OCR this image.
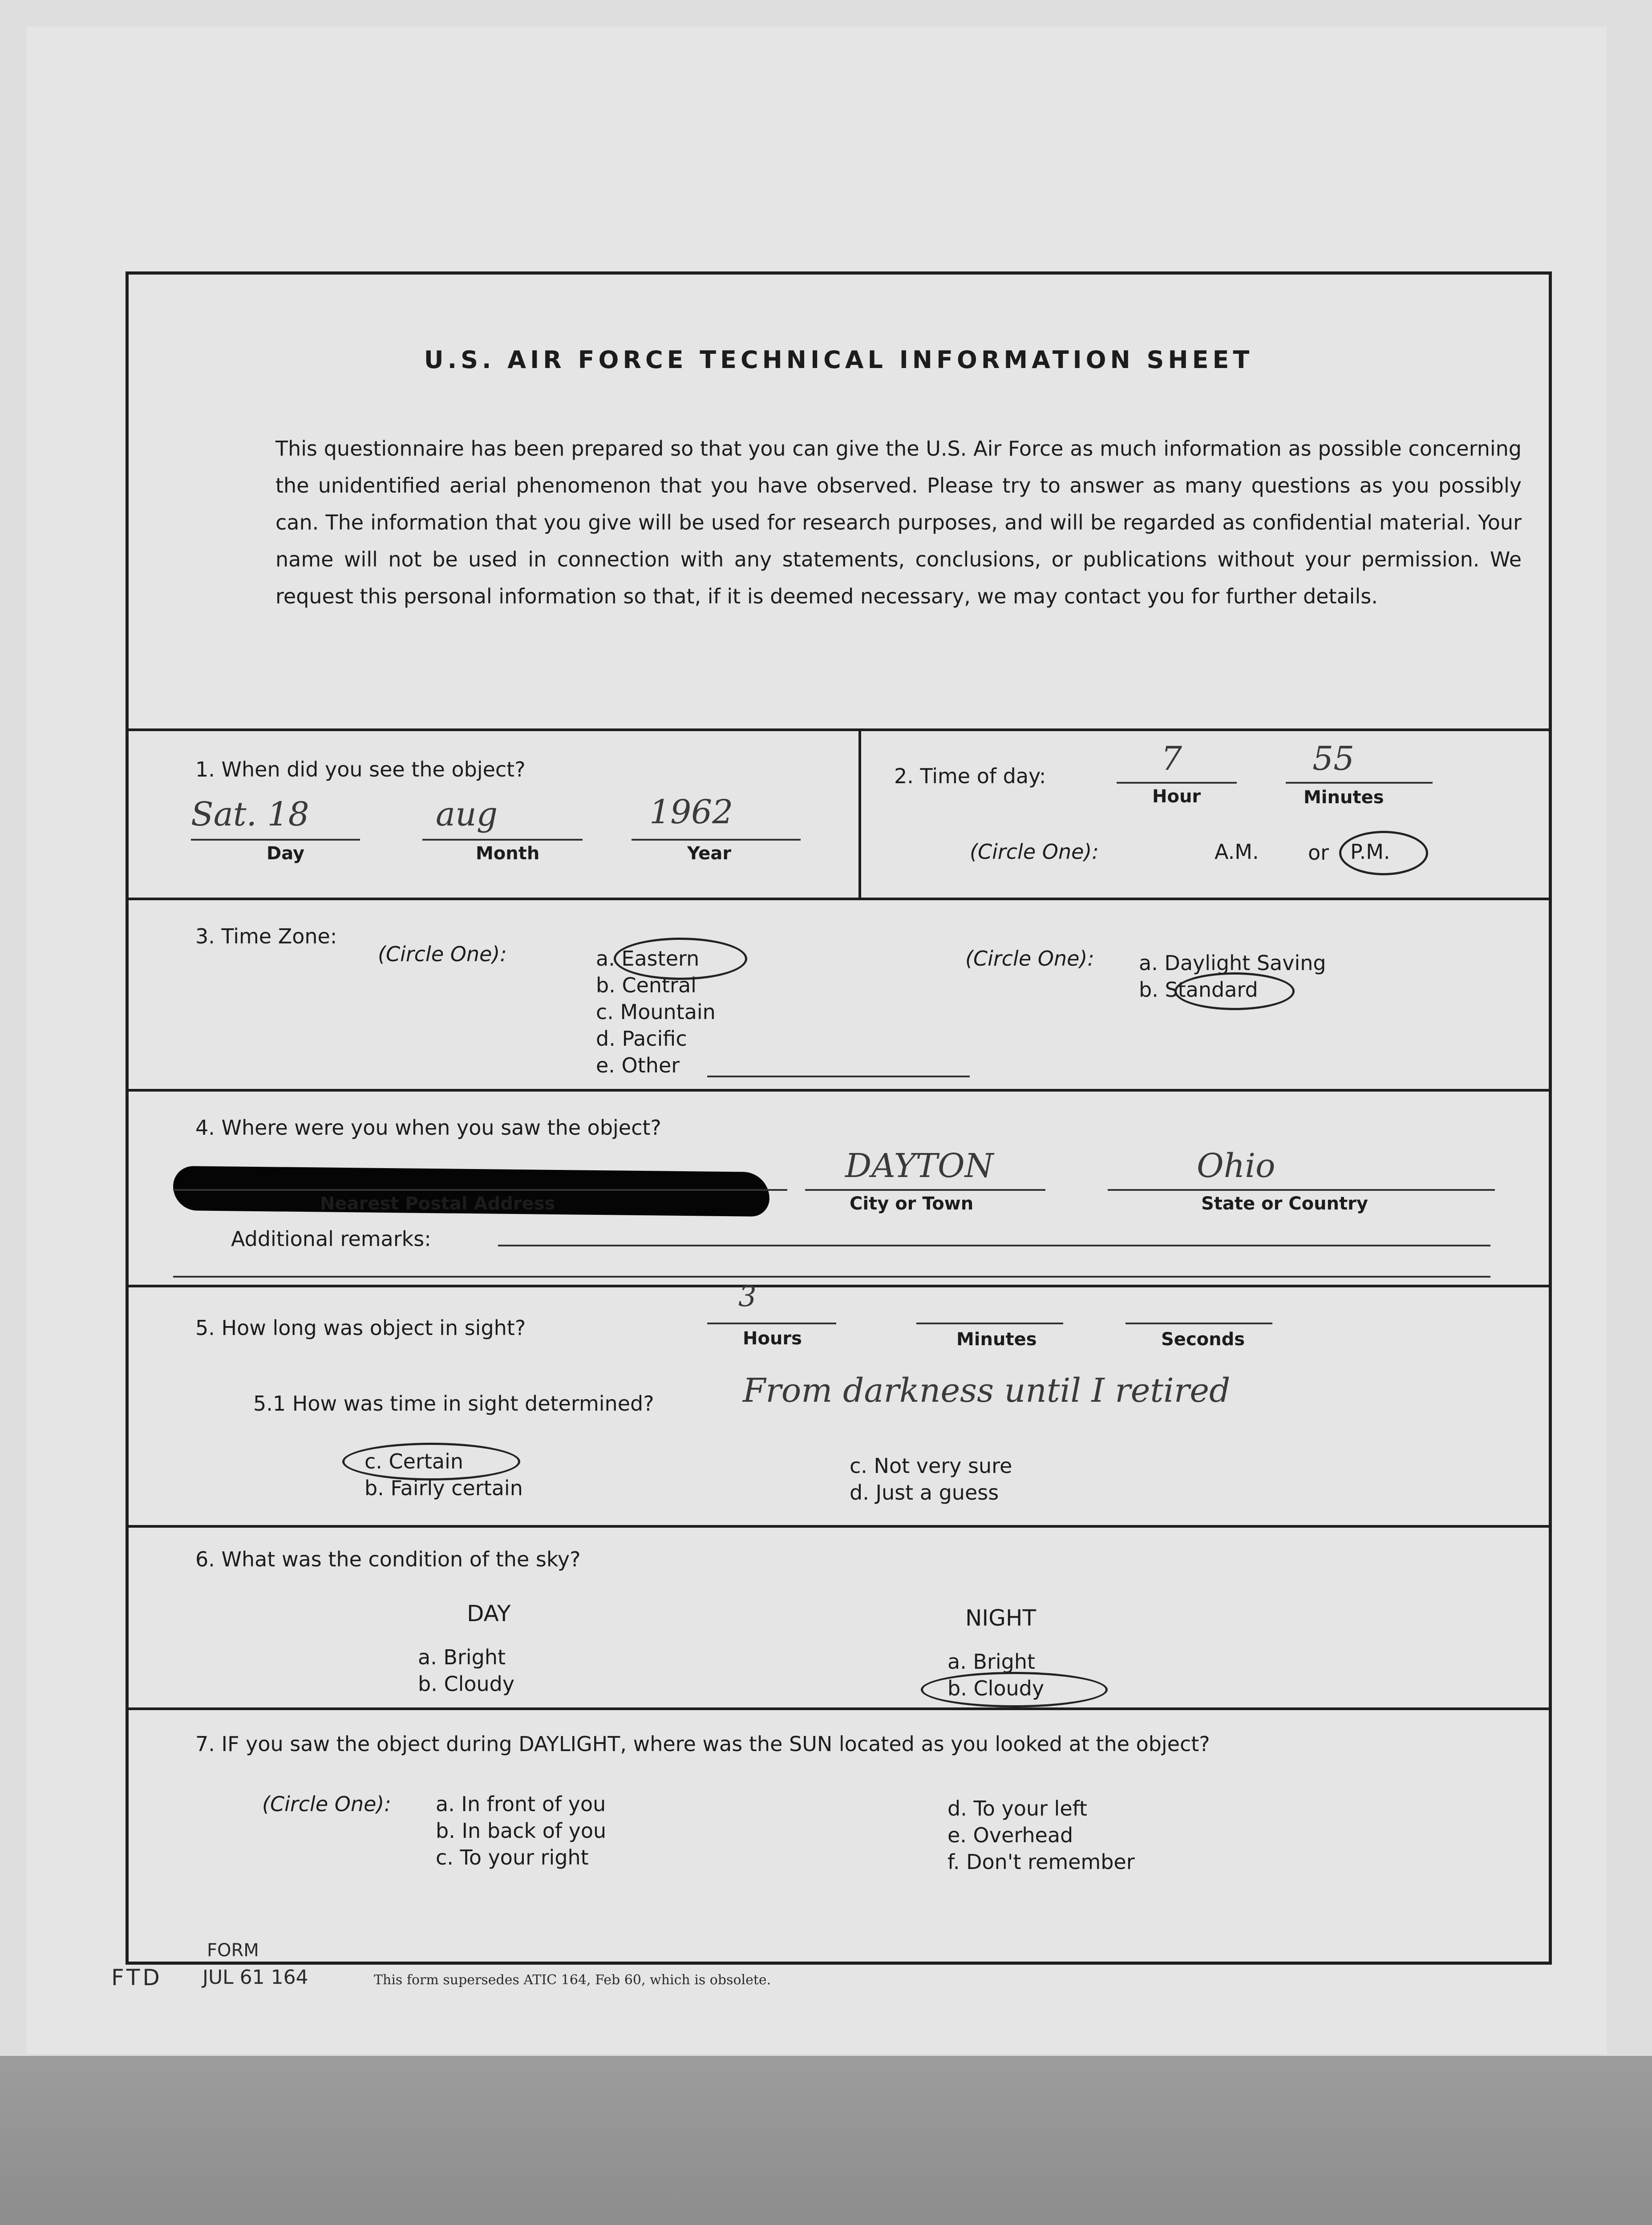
U.S. AIR FORCE TECHNICAL INFORMATION SHEET
This questionnaire has been prepared so that you can give the U.S. Air Force as much information as possible concerning the unidentified aerial phenomenon that you have observed. Please try to answer as many questions as you possibly can. The information that you give will be used for research purposes, and will be regarded as confidential material. Your name will not be used in connection with any statements, conclusions, or publications without your permission. We request this personal information so that, if it is deemed necessary, we may contact you for further details.
1. When did you see the object?
Sat. 18
Day
aug
Month
1962
Year
2. Time of day:	7
Hour
55
Minutes
(Circle One):	A.M. or P.M.
3. Time Zone:
(Circle One):	a. Eastern
b. Central
c. Mountain
d. Pacific
e. Other
(Circle One): a. Daylight Saving
b. Standard
4. Where were you when you saw the object?
Nearest Postal Address
DAYTON
City or Town
Ohio
State or Country
Additional remarks:
5. How long was object in sight?
3
Hours	Minutes	Seconds
5.1 How was time in sight determined?	From darkness until I retired
c. Certain
b. Fairly certain
c. Not very sure
d. Just a guess
6. What was the condition of the sky?
DAY
a. Bright
b. Cloudy
NIGHT
a. Bright
b. Cloudy
7. IF you saw the object during DAYLIGHT, where was the SUN located as you looked at the object?
(Circle One): a. In front of you
b. In back of you
c. To your right
d. To your left
e. Overhead
f. Don't remember
FORM
FTD JUL 61 164	This form supersedes ATIC 164, Feb 60, which is obsolete.
